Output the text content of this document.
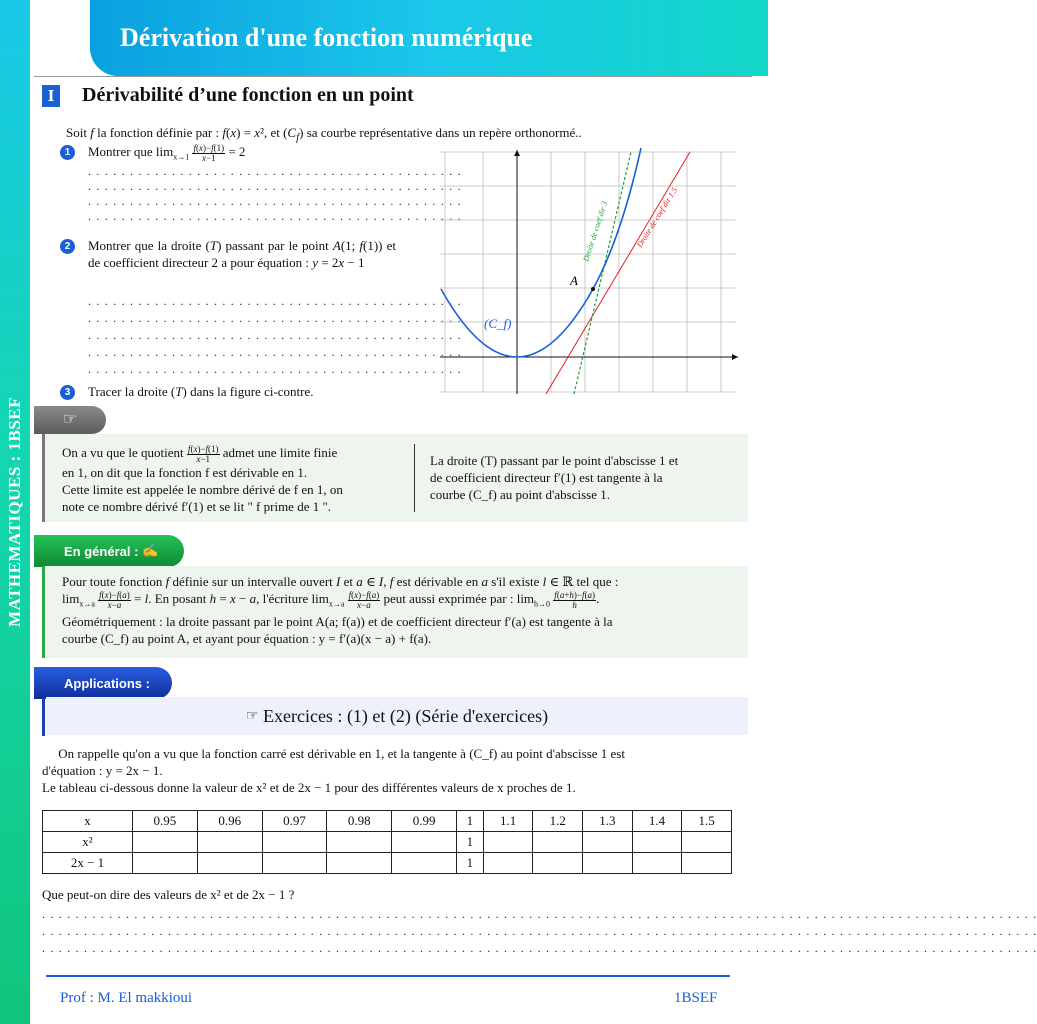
MATHEMATIQUES : 1BSEF
Dérivation d'une fonction numérique
I Dérivabilité d’une fonction en un point
Soit f la fonction définie par : f(x) = x², et $(C_f)$ sa courbe représentative dans un repère orthonormé..
1	Montrer que $\lim_{x\to 1} \frac{f(x)-f(1)}{x-1} = 2$
. . . . . . . . . . . . . . . . . . . . . . . . . . . . . . . . . . . . . . . . . . . . .
. . . . . . . . . . . . . . . . . . . . . . . . . . . . . . . . . . . . . . . . . . . . .
. . . . . . . . . . . . . . . . . . . . . . . . . . . . . . . . . . . . . . . . . . . . .
. . . . . . . . . . . . . . . . . . . . . . . . . . . . . . . . . . . . . . . . . . . . .
2	Montrer que la droite (T) passant par le point A(1; f(1)) et de coefficient directeur 2 a pour équation : y = 2x − 1
. . . . . . . . . . . . . . . . . . . . . . . . . . . . . . . . . . . . . . . . . . . . .
. . . . . . . . . . . . . . . . . . . . . . . . . . . . . . . . . . . . . . . . . . . . .
. . . . . . . . . . . . . . . . . . . . . . . . . . . . . . . . . . . . . . . . . . . . .
. . . . . . . . . . . . . . . . . . . . . . . . . . . . . . . . . . . . . . . . . . . . .
. . . . . . . . . . . . . . . . . . . . . . . . . . . . . . . . . . . . . . . . . . . . .
3	Tracer la droite (T) dans la figure ci-contre.
A
(C_f)
Droite de coef dir 3	Droite de coef dir 1.5
☞
On a vu que le quotient $\frac{f(x)-f(1)}{x-1}$ admet une limite finie
en 1, on dit que la fonction f est dérivable en 1.
Cette limite est appelée le nombre dérivé de f en 1, on
note ce nombre dérivé f′(1) et se lit " f prime de 1 ".
La droite (T) passant par le point d'abscisse 1 et
de coefficient directeur f′(1) est tangente à la
courbe (C_f) au point d'abscisse 1.
En général :
✍
Pour toute fonction f définie sur un intervalle ouvert I et a ∈ I, f est dérivable en a s'il existe l ∈ ℝ tel que :
$\lim_{x\to a} \frac{f(x)-f(a)}{x-a} = l$. En posant h = x − a, l'écriture $\lim_{x\to a} \frac{f(x)-f(a)}{x-a}$ peut aussi exprimée par : $\lim_{h\to 0} \frac{f(a+h)-f(a)}{h}$ .
Géométriquement : la droite passant par le point A(a; f(a)) et de coefficient directeur f′(a) est tangente à la
courbe (C_f) au point A, et ayant pour équation : y = f′(a)(x − a) + f(a).
Applications :
☞
Exercices : (1) et (2) (Série d'exercices)
On rappelle qu'on a vu que la fonction carré est dérivable en 1, et la tangente à (C_f) au point d'abscisse 1 est
d'équation : y = 2x − 1.
Le tableau ci-dessous donne la valeur de x² et de 2x − 1 pour des différentes valeurs de x proches de 1.
x	0.95	0.96	0.97	0.98	0.99	1	1.1	1.2	1.3	1.4	1.5
x²						1					
2x − 1						1					
Que peut-on dire des valeurs de x² et de 2x − 1 ?
. . . . . . . . . . . . . . . . . . . . . . . . . . . . . . . . . . . . . . . . . . . . . . . . . . . . . . . . . . . . . . . . . . . . . . . . . . . . . . . . . . . . . . . . . . . . . . . . . . . . . . . . . . . . . . . . . . . . . . .
. . . . . . . . . . . . . . . . . . . . . . . . . . . . . . . . . . . . . . . . . . . . . . . . . . . . . . . . . . . . . . . . . . . . . . . . . . . . . . . . . . . . . . . . . . . . . . . . . . . . . . . . . . . . . . . . . . . . . . .
. . . . . . . . . . . . . . . . . . . . . . . . . . . . . . . . . . . . . . . . . . . . . . . . . . . . . . . . . . . . . . . . . . . . . . . . . . . . . . . . . . . . . . . . . . . . . . . . . . . . . . . . . . . . . . . . . . . . . . .
Prof : M. El makkioui	1BSEF
